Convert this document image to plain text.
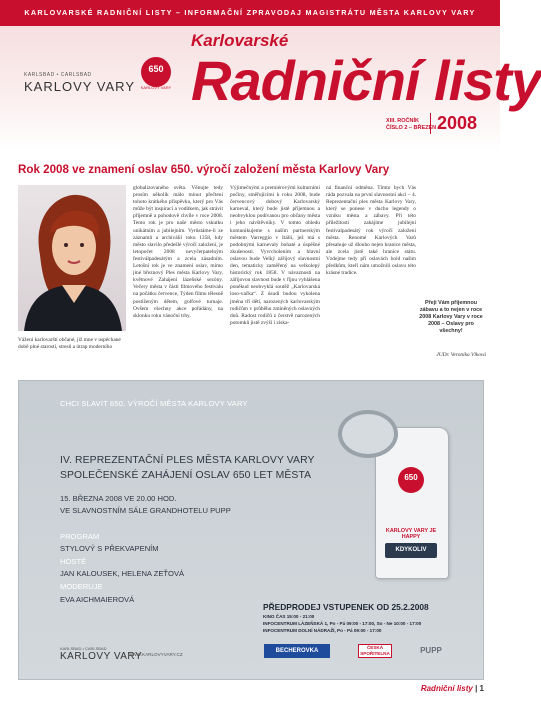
KARLOVARSKÉ RADNIČNÍ LISTY – INFORMAČNÍ ZPRAVODAJ MAGISTRÁTU MĚSTA KARLOVY VARY
KARLSBAD • CARLSBAD
KARLOVY VARY
650
KARLOVY VARY
Karlovarské
Radniční listy
XIII. ROČNÍK
ČÍSLO 2 – BŘEZEN 2008
Rok 2008 ve znamení oslav 650. výročí založení města Karlovy Vary
Vážení karlovarští občané, již mne v uspěchané době plné starostí, stresů a útrap moderního
globalizovaného světa. Věnujte tedy prosím několik málo minut přečtení tohoto krátkého příspěvku, který pro Vás může být inspirací a vodítkem, jak strávit příjemně a pohodově chvíle v roce 2008. Tento rok je pro naše město vskutku unikátním a jubilejním. Vyrůstáme-li ze záznamů a archiválií roku 1358, kdy město slavilo předešlé výročí založení, je letopočet 2008 nevyčerpatelným festiválpadesátým a zcela zásadním. Letošní rok je ve znamení oslav, mimo jiné březnový Ples města Karlovy Vary, květnové Zahájení lázeňské sezóny. Večery města v části filmového festivalu na počátku července, Týden filmu tělesně postiženým dětem, golfové turnaje. Ovšem všechny akce pořádány, na sklonku roku vánoční trhy.
Výjimečnými a premiérovými kulturními počiny, směřujícími k roku 2008, bude červencový dobový Karlovarský karneval, který bude jistě příjemnou a neobvyklou podívanou pro občany města i jeho návštěvníky. V tomto ohledu komunikujeme s naším partnerským městem Varreggio v Itálii, jež má s podobnými karnevaly bohaté a úspěšné zkušenosti. Vyvrcholením a hlavní oslavou bude Velký zářijový slavnostní den, tematicky zaměřený na velkolepý historický rok 1858. V návaznosti na zářijovou slavnost bude v říjnu vyhlášena poněkud neobvyklá soutěž „Karlovarská loso-vačka“. Z úsudí budou vykolena jména tří dětí, narozených karlovarským rodičům v průběhu zmíněných oslavných dnů. Radost rodičů z čerstvě narozených potomků jistě zvýší i získa-
ná finanční odměna. Tímto bych Vás ráda pozvala na první slavnostní akci – 4. Reprezentační ples města Karlovy Vary, který se ponese v duchu legendy o vzniku města a zábavy. Při této příležitosti zahájíme jubilejní festivalpadesátý rok výročí založení města. Renomé Karlových Varů přesahuje už dlouho nejen hranice města, ale zcela jistě také hranice státu. Vzdejme tedy při oslavách hold našim předkům, kteří nám umožnili oslavu této krásné tradice.
Přeji Vám příjemnou zábavu a to nejen v roce 2008 Karlovy Vary v roce 2008 – Oslavy pro všechny!
JUDr. Veronika Vlková
CHCI SLAVIT 650. VÝROČÍ MĚSTA KARLOVY VARY
IV. REPREZENTAČNÍ PLES MĚSTA KARLOVY VARY
SPOLEČENSKÉ ZAHÁJENÍ OSLAV 650 LET MĚSTA
15. BŘEZNA 2008 VE 20.00 HOD.
VE SLAVNOSTNÍM SÁLE GRANDHOTELU PUPP
PROGRAM
STYLOVÝ S PŘEKVAPENÍM
HOSTÉ
JAN KALOUSEK, HELENA ZEŤOVÁ
MODERUJE
EVA AICHMAIEROVÁ
650
KARLOVY VARY JE HAPPY
KDYKOLIV
KARLSBAD • CARLSBAD
KARLOVY VARY
WWW.KARLOVYVARY.CZ
PŘEDPRODEJ VSTUPENEK OD 25.2.2008
KINO ČAS 15:00 - 21:00
INFOCENTRUM LÁZEŇSKÁ 1, Po - Pá 09:00 - 17:00, So - Ne 10:00 - 17:00
INFOCENTRUM DOLNÍ NÁDRAŽÍ, Po - Pá 09:00 - 17:00
BECHEROVKA
ČESKÁ SPOŘITELNA	PUPP
Radniční listy | 1
